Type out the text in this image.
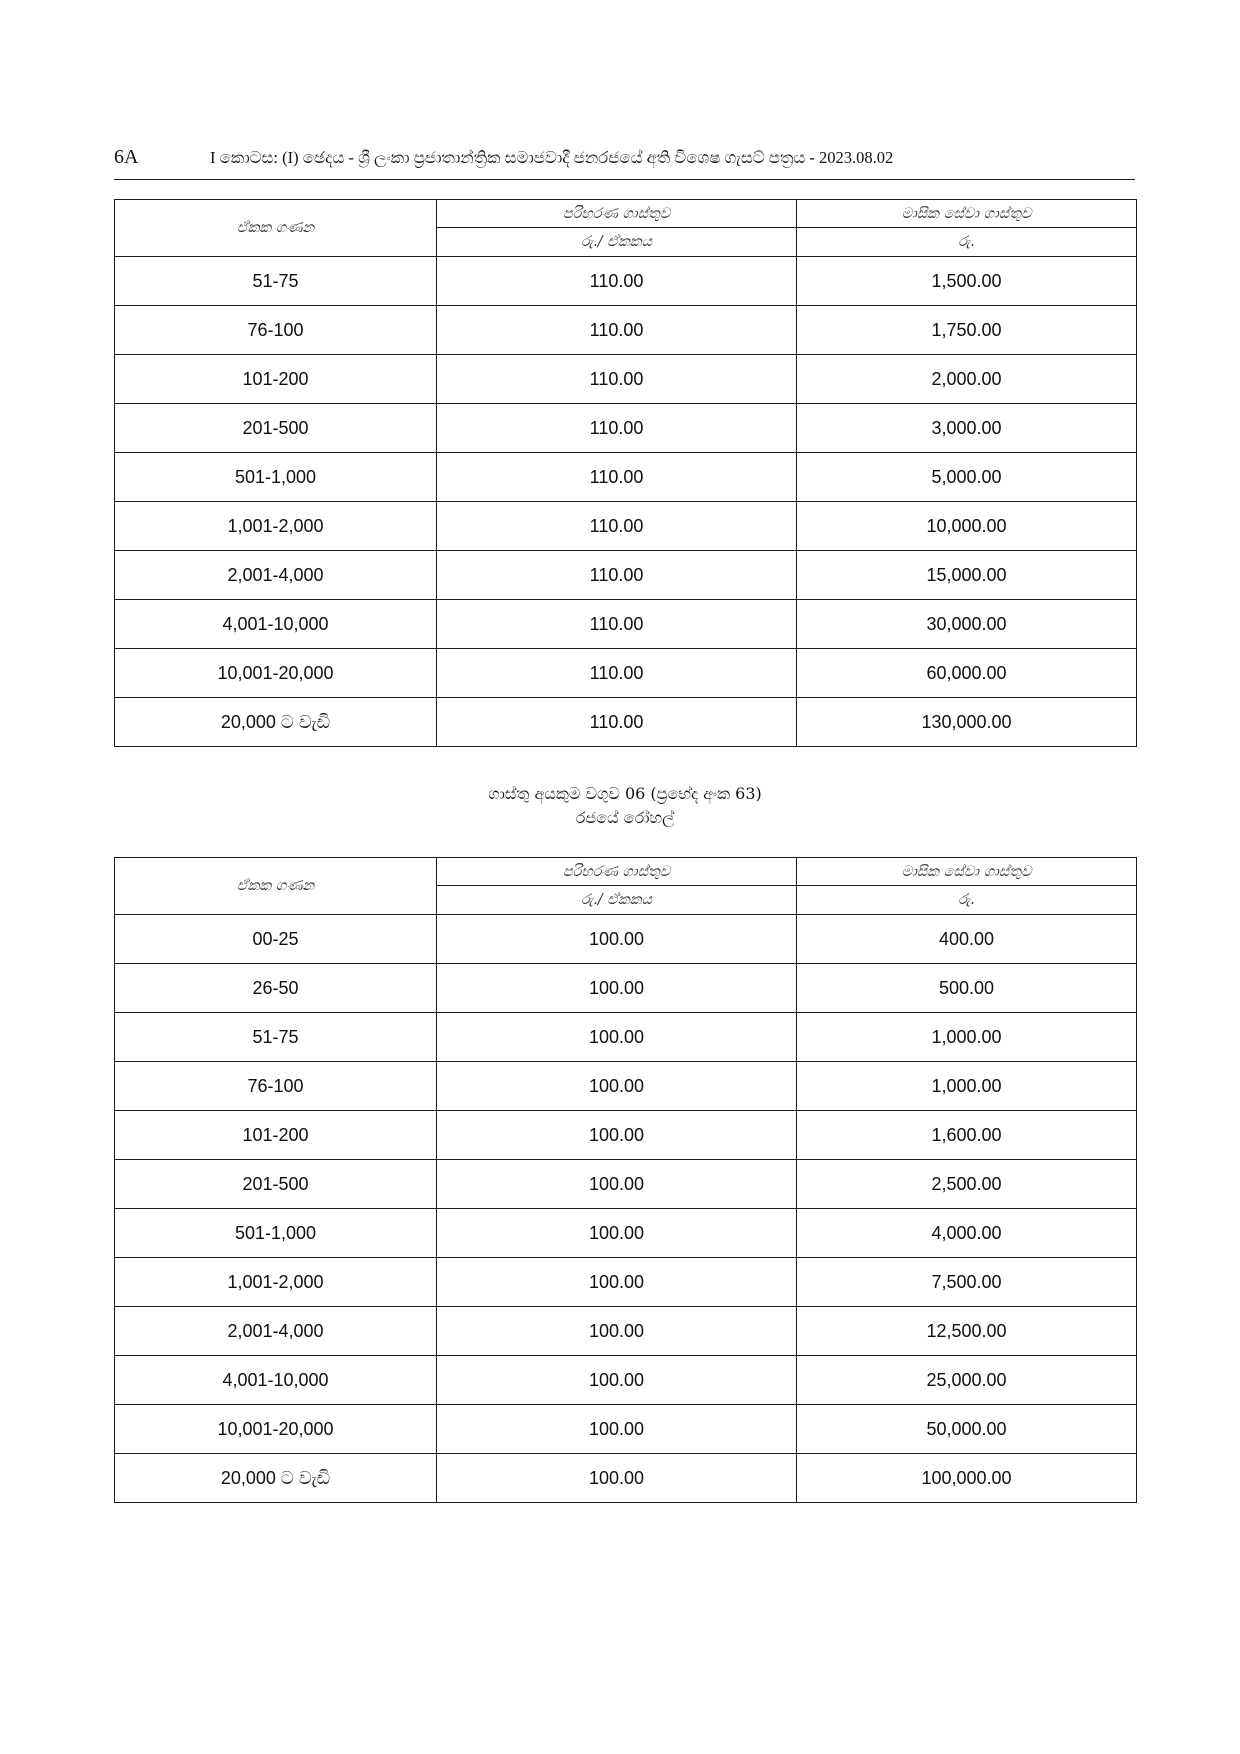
6A	I කොටස: (I) ඡෙදය - ශ්‍රී ලංකා ප්‍රජාතාන්ත්‍රික සමාජවාදී ජනරජයේ අති විශෙෂ ගැසට් පත්‍රය - 2023.08.02
ඒකක ගණන	පරිභරණ ගාස්තුව	මාසික සේවා ගාස්තුව
	රු./ ඒකකය	රු.
51-75	110.00	1,500.00
76-100	110.00	1,750.00
101-200	110.00	2,000.00
201-500	110.00	3,000.00
501-1,000	110.00	5,000.00
1,001-2,000	110.00	10,000.00
2,001-4,000	110.00	15,000.00
4,001-10,000	110.00	30,000.00
10,001-20,000	110.00	60,000.00
20,000 ට වැඩි	110.00	130,000.00
ගාස්තු අයකුම වගුව 06 (ප්‍රභේද අංක 63)
රජයේ රෝහල්
ඒකක ගණන	පරිභරණ ගාස්තුව	මාසික සේවා ගාස්තුව
	රු./ ඒකකය	රු.
00-25	100.00	400.00
26-50	100.00	500.00
51-75	100.00	1,000.00
76-100	100.00	1,000.00
101-200	100.00	1,600.00
201-500	100.00	2,500.00
501-1,000	100.00	4,000.00
1,001-2,000	100.00	7,500.00
2,001-4,000	100.00	12,500.00
4,001-10,000	100.00	25,000.00
10,001-20,000	100.00	50,000.00
20,000 ට වැඩි	100.00	100,000.00
